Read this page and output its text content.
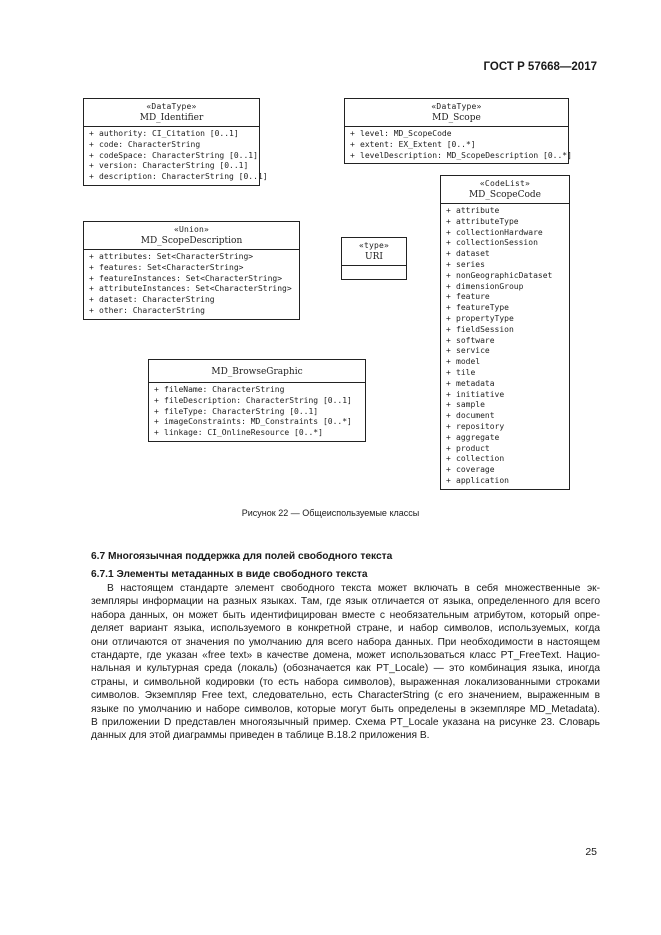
ГОСТ Р 57668—2017
«DataType»
MD_Identifier
+ authority: CI_Citation [0..1]
+ code: CharacterString
+ codeSpace: CharacterString [0..1]
+ version: CharacterString [0..1]
+ description: CharacterString [0..1]
«DataType»
MD_Scope
+ level: MD_ScopeCode
+ extent: EX_Extent [0..*]
+ levelDescription: MD_ScopeDescription [0..*]
«Union»
MD_ScopeDescription
+ attributes: Set<CharacterString>
+ features: Set<CharacterString>
+ featureInstances: Set<CharacterString>
+ attributeInstances: Set<CharacterString>
+ dataset: CharacterString
+ other: CharacterString
«type»
URI
«CodeList»
MD_ScopeCode
+ attribute
+ attributeType
+ collectionHardware
+ collectionSession
+ dataset
+ series
+ nonGeographicDataset
+ dimensionGroup
+ feature
+ featureType
+ propertyType
+ fieldSession
+ software
+ service
+ model
+ tile
+ metadata
+ initiative
+ sample
+ document
+ repository
+ aggregate
+ product
+ collection
+ coverage
+ application
MD_BrowseGraphic
+ fileName: CharacterString
+ fileDescription: CharacterString [0..1]
+ fileType: CharacterString [0..1]
+ imageConstraints: MD_Constraints [0..*]
+ linkage: CI_OnlineResource [0..*]
Рисунок 22 — Общеиспользуемые классы
6.7 Многоязычная поддержка для полей свободного текста
6.7.1 Элементы метаданных в виде свободного текста
В настоящем стандарте элемент свободного текста может включать в себя множественные эк-
земпляры информации на разных языках. Там, где язык отличается от языка, определенного для всего
набора данных, он может быть идентифицирован вместе с необязательным атрибутом, который опре-
деляет вариант языка, используемого в конкретной стране, и набор символов, используемых, когда
они отличаются от значения по умолчанию для всего набора данных. При необходимости в настоящем
стандарте, где указан «free text» в качестве домена, может использоваться класс PT_FreeText. Нацио-
нальная и культурная среда (локаль) (обозначается как PT_Locale) — это комбинация языка, иногда
страны, и символьной кодировки (то есть набора символов), выраженная локализованными строками
символов. Экземпляр Free text, следовательно, есть CharacterString (с его значением, выраженным в
языке по умолчанию и наборе символов, которые могут быть определены в экземпляре MD_Metadata).
В приложении D представлен многоязычный пример. Схема PT_Locale указана на рисунке 23. Словарь
данных для этой диаграммы приведен в таблице В.18.2 приложения В.
25
